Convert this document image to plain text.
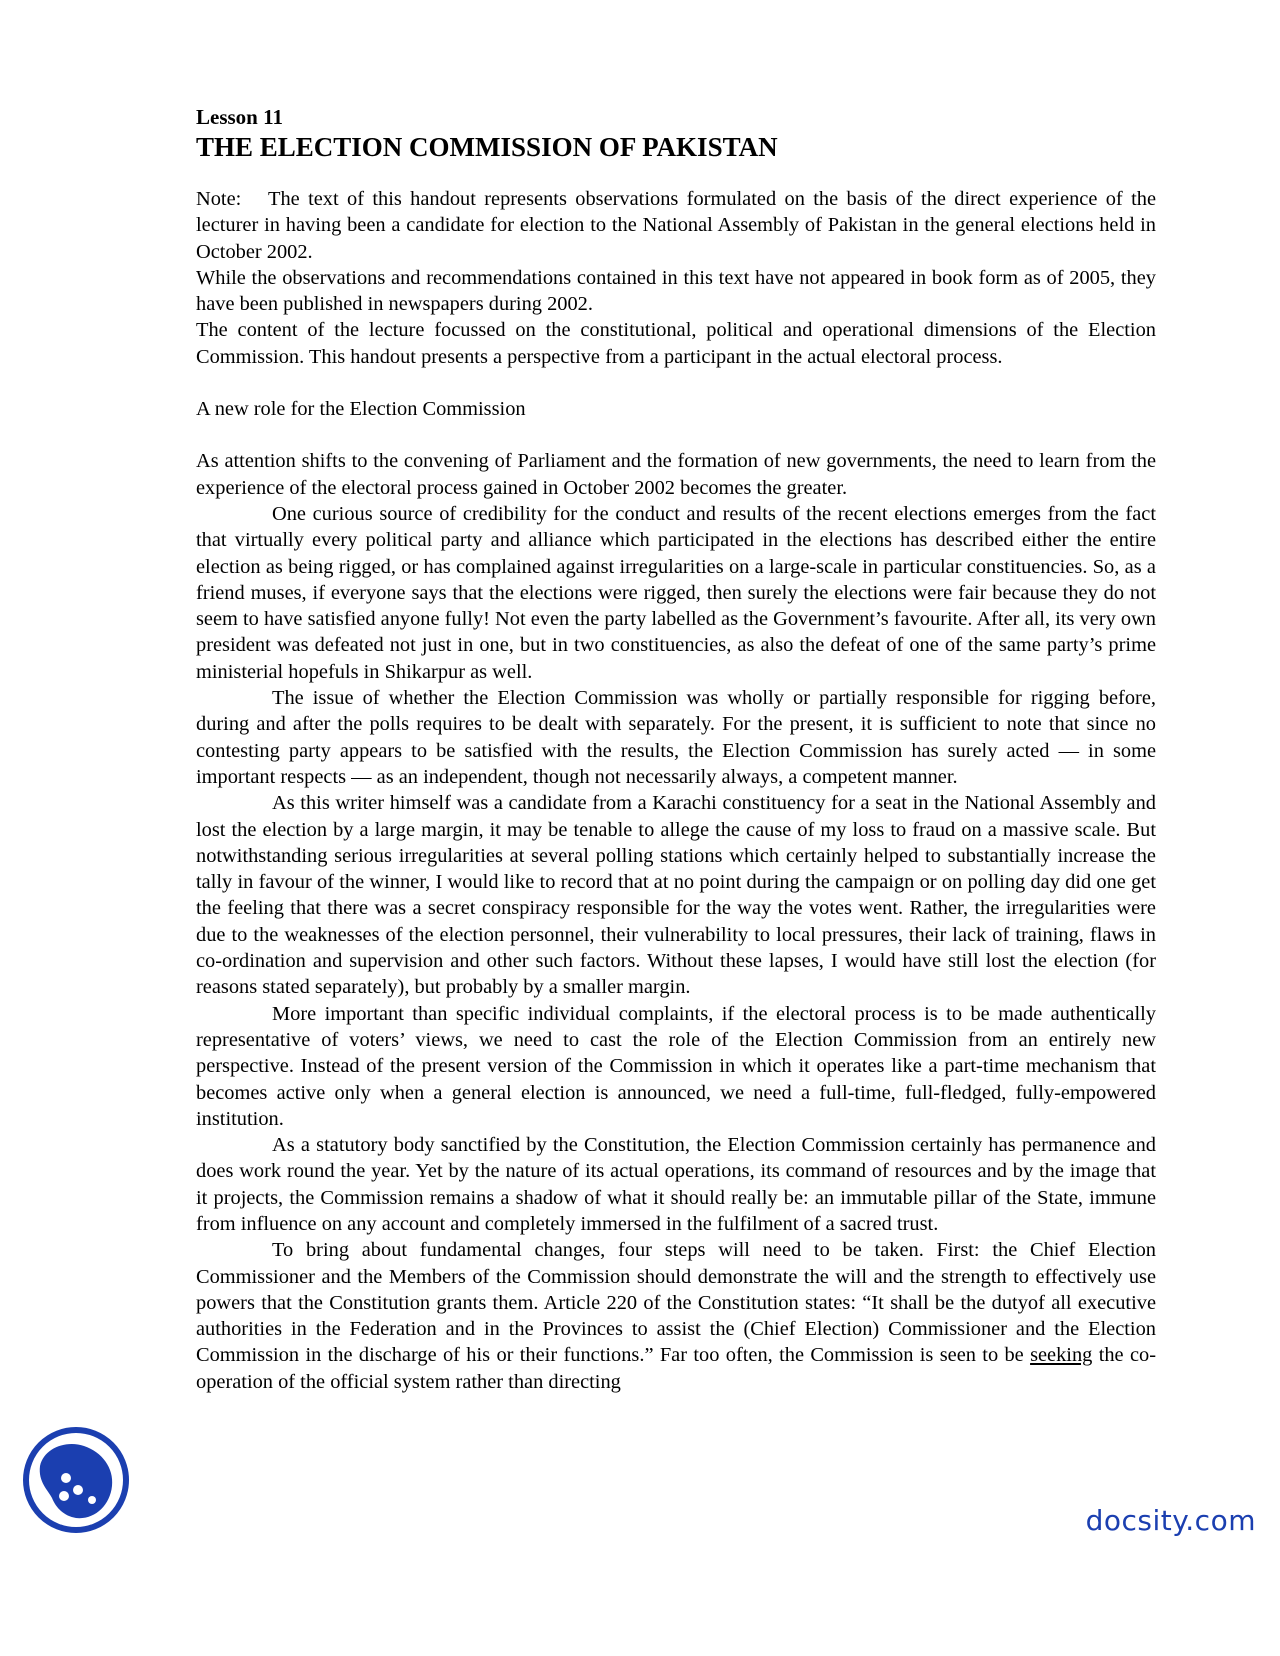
Lesson 11

THE ELECTION COMMISSION OF PAKISTAN

Note: The text of this handout represents observations formulated on the basis of the direct experience of the lecturer in having been a candidate for election to the National Assembly of Pakistan in the general elections held in October 2002.

While the observations and recommendations contained in this text have not appeared in book form as of 2005, they have been published in newspapers during 2002.

The content of the lecture focussed on the constitutional, political and operational dimensions of the Election Commission. This handout presents a perspective from a participant in the actual electoral process.

A new role for the Election Commission

As attention shifts to the convening of Parliament and the formation of new governments, the need to learn from the experience of the electoral process gained in October 2002 becomes the greater.

One curious source of credibility for the conduct and results of the recent elections emerges from the fact that virtually every political party and alliance which participated in the elections has described either the entire election as being rigged, or has complained against irregularities on a large-scale in particular constituencies. So, as a friend muses, if everyone says that the elections were rigged, then surely the elections were fair because they do not seem to have satisfied anyone fully! Not even the party labelled as the Government’s favourite. After all, its very own president was defeated not just in one, but in two constituencies, as also the defeat of one of the same party’s prime ministerial hopefuls in Shikarpur as well.

The issue of whether the Election Commission was wholly or partially responsible for rigging before, during and after the polls requires to be dealt with separately. For the present, it is sufficient to note that since no contesting party appears to be satisfied with the results, the Election Commission has surely acted — in some important respects — as an independent, though not necessarily always, a competent manner.

As this writer himself was a candidate from a Karachi constituency for a seat in the National Assembly and lost the election by a large margin, it may be tenable to allege the cause of my loss to fraud on a massive scale. But notwithstanding serious irregularities at several polling stations which certainly helped to substantially increase the tally in favour of the winner, I would like to record that at no point during the campaign or on polling day did one get the feeling that there was a secret conspiracy responsible for the way the votes went. Rather, the irregularities were due to the weaknesses of the election personnel, their vulnerability to local pressures, their lack of training, flaws in co-ordination and supervision and other such factors. Without these lapses, I would have still lost the election (for reasons stated separately), but probably by a smaller margin.

More important than specific individual complaints, if the electoral process is to be made authentically representative of voters’ views, we need to cast the role of the Election Commission from an entirely new perspective. Instead of the present version of the Commission in which it operates like a part-time mechanism that becomes active only when a general election is announced, we need a full-time, full-fledged, fully-empowered institution.

As a statutory body sanctified by the Constitution, the Election Commission certainly has permanence and does work round the year. Yet by the nature of its actual operations, its command of resources and by the image that it projects, the Commission remains a shadow of what it should really be: an immutable pillar of the State, immune from influence on any account and completely immersed in the fulfilment of a sacred trust.

To bring about fundamental changes, four steps will need to be taken. First: the Chief Election Commissioner and the Members of the Commission should demonstrate the will and the strength to effectively use powers that the Constitution grants them. Article 220 of the Constitution states: “It shall be the dutyof all executive authorities in the Federation and in the Provinces to assist the (Chief Election) Commissioner and the Election Commission in the discharge of his or their functions.” Far too often, the Commission is seen to be seeking the co-operation of the official system rather than directing

docsity.com
